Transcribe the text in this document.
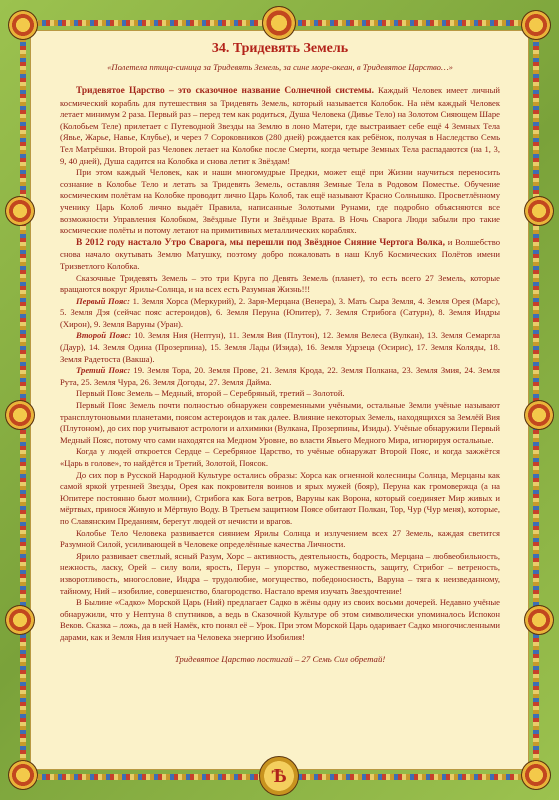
Ѣ
34. Тридевять Земель
«Полетела птица-синица за Тридевять Земель, за сине море-океан, в Тридевятое Царство…»

Тридевятое Царство – это сказочное название Солнечной системы. Каждый Человек имеет личный космический корабль для путешествия за Тридевять Земель, который называется Колобок. На нём каждый Человек летает минимум 2 раза. Первый раз – перед тем как родиться, Душа Человека (Дивье Тело) на Золотом Сияющем Шаре (Колобьем Теле) прилетает с Путеводной Звезды на Землю в лоно Матери, где выстраивает себе ещё 4 Земных Тела (Явье, Жарье, Навье, Клубье), и через 7 Сороковников (280 дней) рождается как ребёнок, получая в Наследство Семь Тел Матрёшки. Второй раз Человек летает на Колобке после Смерти, когда четыре Земных Тела распадаются (на 1, 3, 9, 40 дней), Душа садится на Колобка и снова летит к Звёздам!

При этом каждый Человек, как и наши многомудрые Предки, может ещё при Жизни научиться переносить сознание в Колобье Тело и летать за Тридевять Земель, оставляя Земные Тела в Родовом Поместье. Обучение космическим полётам на Колобке проводит лично Царь Колоб, так ещё называют Красно Солнышко. Просветлённому ученику Царь Колоб лично выдаёт Правила, написанные Золотыми Рунами, где подробно объясняются все возможности Управления Колобком, Звёздные Пути и Звёздные Врата. В Ночь Сварога Люди забыли про такие космические полёты и потому летают на примитивных металлических кораблях.

В 2012 году настало Утро Сварога, мы перешли под Звёздное Сияние Чертога Волка, и Волшебство снова начало окутывать Землю Матушку, поэтому добро пожаловать в наш Клуб Космических Полётов имени Тризветлого Колобка.

Сказочные Тридевять Земель – это три Круга по Девять Земель (планет), то есть всего 27 Земель, которые вращаются вокруг Ярилы-Солнца, и на всех есть Разумная Жизнь!!!

Первый Пояс: 1. Земля Хорса (Меркурий), 2. Заря-Мерцана (Венера), 3. Мать Сыра Земля, 4. Земля Орея (Марс), 5. Земля Дэя (сейчас пояс астероидов), 6. Земля Перуна (Юпитер), 7. Земля Стрибога (Сатурн), 8. Земля Индры (Хирон), 9. Земля Варуны (Уран).

Второй Пояс: 10. Земля Ния (Нептун), 11. Земля Вия (Плутон), 12. Земля Велеса (Вулкан), 13. Земля Семаргла (Даур), 14. Земля Одина (Прозерпина), 15. Земля Лады (Изида), 16. Земля Удрзеца (Осирис), 17. Земля Коляды, 18. Земля Радетоста (Вакша).

Третий Пояс: 19. Земля Тора, 20. Земля Прове, 21. Земля Крода, 22. Земля Полкана, 23. Земля Змия, 24. Земля Рута, 25. Земля Чура, 26. Земля Догоды, 27. Земля Дайма.

Первый Пояс Земель – Медный, второй – Серебряный, третий – Золотой.

Первый Пояс Земель почти полностью обнаружен современными учёными, остальные Земли учёные называют трансплутоновыми планетами, поясом астероидов и так далее. Влияние некоторых Земель, находящихся за Землёй Вия (Плутоном), до сих пор учитывают астрологи и алхимики (Вулкана, Прозерпины, Изиды). Учёные обнаружили Первый Медный Пояс, потому что сами находятся на Медном Уровне, во власти Явьего Медного Мира, игнорируя остальные.

Когда у людей откроется Сердце – Серебряное Царство, то учёные обнаружат Второй Пояс, и когда зажжётся «Царь в голове», то найдётся и Третий, Золотой, Поясок.

До сих пор в Русской Народной Культуре остались образы: Хорса как огненной колесницы Солнца, Мерцаны как самой яркой утренней Звезды, Орея как покровителя воинов и ярых мужей (бояр), Перуна как громовержца (а на Юпитере постоянно бьют молнии), Стрибога как Бога ветров, Варуны как Ворона, который соединяет Мир живых и мёртвых, принося Живую и Мёртвую Воду. В Третьем защитном Поясе обитают Полкан, Тор, Чур (Чур меня), которые, по Славянским Преданиям, берегут людей от нечисти и врагов.

Колобье Тело Человека развивается сиянием Ярилы Солнца и излучением всех 27 Земель, каждая светится Разумной Силой, усиливающей в Человеке определённые качества Личности.

Ярило развивает светлый, ясный Разум, Хорс – активность, деятельность, бодрость, Мерцана – любвеобильность, нежность, ласку, Орей – силу воли, ярость, Перун – упорство, мужественность, защиту, Стрибог – ветреность, изворотливость, многословие, Индра – трудолюбие, могущество, победоносность, Варуна – тяга к неизведанному, тайному, Ний – изобилие, совершенство, благородство. Настало время изучать Звездочтение!

В Былине «Садко» Морской Царь (Ний) предлагает Садко в жёны одну из своих восьми дочерей. Недавно учёные обнаружили, что у Нептуна 8 спутников, а ведь в Сказочной Культуре об этом символически упоминалось Испокон Веков. Сказка – ложь, да в ней Намёк, кто понял её – Урок. При этом Морской Царь одаривает Садко многочисленными дарами, как и Земля Ния излучает на Человека энергию Изобилия!

Тридевятое Царство постигай – 27 Семь Сил обретай!
